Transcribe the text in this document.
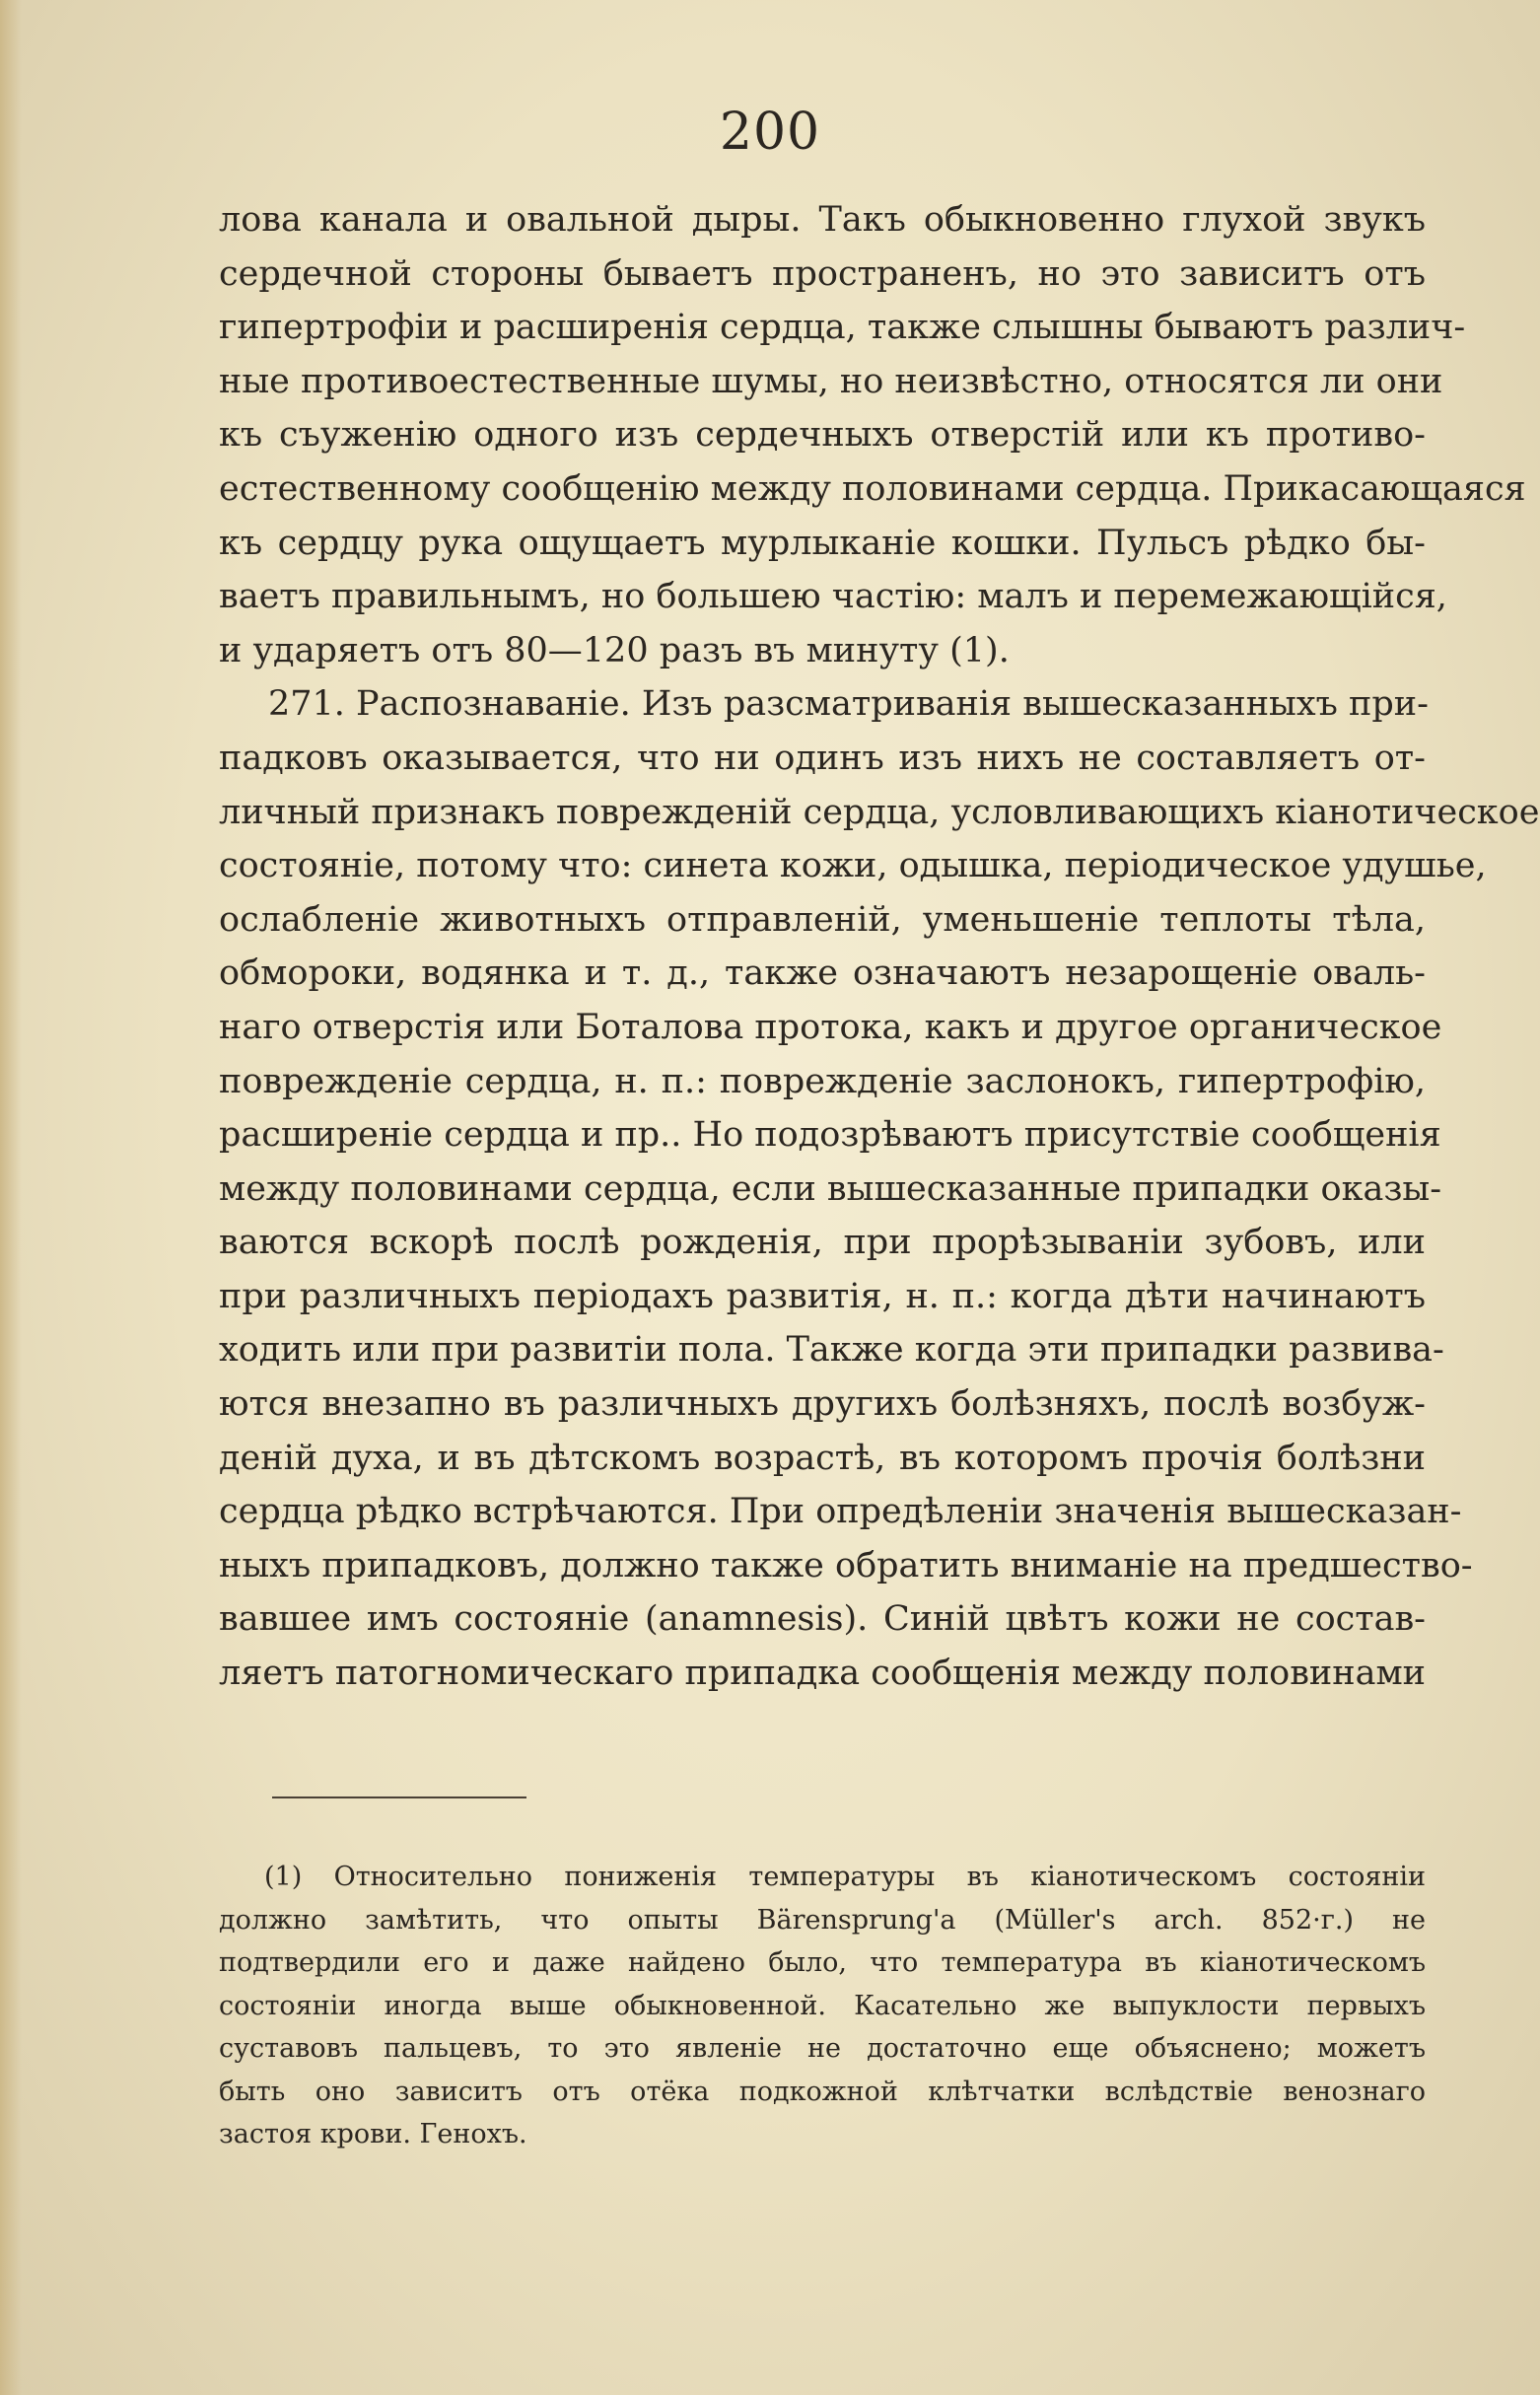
200
лова канала и овальной дыры. Такъ обыкновенно глухой звукъ
сердечной стороны бываетъ пространенъ, но это зависитъ отъ
гипертрофіи и расширенія сердца, также слышны бываютъ различ-
ные противоестественные шумы, но неизвѣстно, относятся ли они
къ съуженію одного изъ сердечныхъ отверстій или къ противо-
естественному сообщенію между половинами сердца. Прикасающаяся
къ сердцу рука ощущаетъ мурлыканіе кошки. Пульсъ рѣдко бы-
ваетъ правильнымъ, но большею частію: малъ и перемежающійся,
и ударяетъ отъ 80—120 разъ въ минуту (1).
271. Распознаваніе. Изъ разсматриванія вышесказанныхъ при-
падковъ оказывается, что ни одинъ изъ нихъ не составляетъ от-
личный признакъ поврежденій сердца, условливающихъ кіанотическое
состояніе, потому что: синета кожи, одышка, періодическое удушье,
ослабленіе животныхъ отправленій, уменьшеніе теплоты тѣла,
обмороки, водянка и т. д., также означаютъ незарощеніе оваль-
наго отверстія или Боталова протока, какъ и другое органическое
поврежденіе сердца, н. п.: поврежденіе заслонокъ, гипертрофію,
расширеніе сердца и пр.. Но подозрѣваютъ присутствіе сообщенія
между половинами сердца, если вышесказанные припадки оказы-
ваются вскорѣ послѣ рожденія, при прорѣзываніи зубовъ, или
при различныхъ періодахъ развитія, н. п.: когда дѣти начинаютъ
ходить или при развитіи пола. Также когда эти припадки развива-
ются внезапно въ различныхъ другихъ болѣзняхъ, послѣ возбуж-
деній духа, и въ дѣтскомъ возрастѣ, въ которомъ прочія болѣзни
сердца рѣдко встрѣчаются. При опредѣленіи значенія вышесказан-
ныхъ припадковъ, должно также обратить вниманіе на предшество-
вавшее имъ состояніе (anamnesis). Синій цвѣтъ кожи не состав-
ляетъ патогномическаго припадка сообщенія между половинами
(1) Относительно пониженія температуры въ кіанотическомъ состояніи
должно замѣтить, что опыты Bärensprung'a (Müller's arch. 852·г.) не
подтвердили его и даже найдено было, что температура въ кіанотическомъ
состояніи иногда выше обыкновенной. Касательно же выпуклости первыхъ
суставовъ пальцевъ, то это явленіе не достаточно еще объяснено; можетъ
быть оно зависитъ отъ отёка подкожной клѣтчатки вслѣдствіе венознаго
застоя крови. Генохъ.
